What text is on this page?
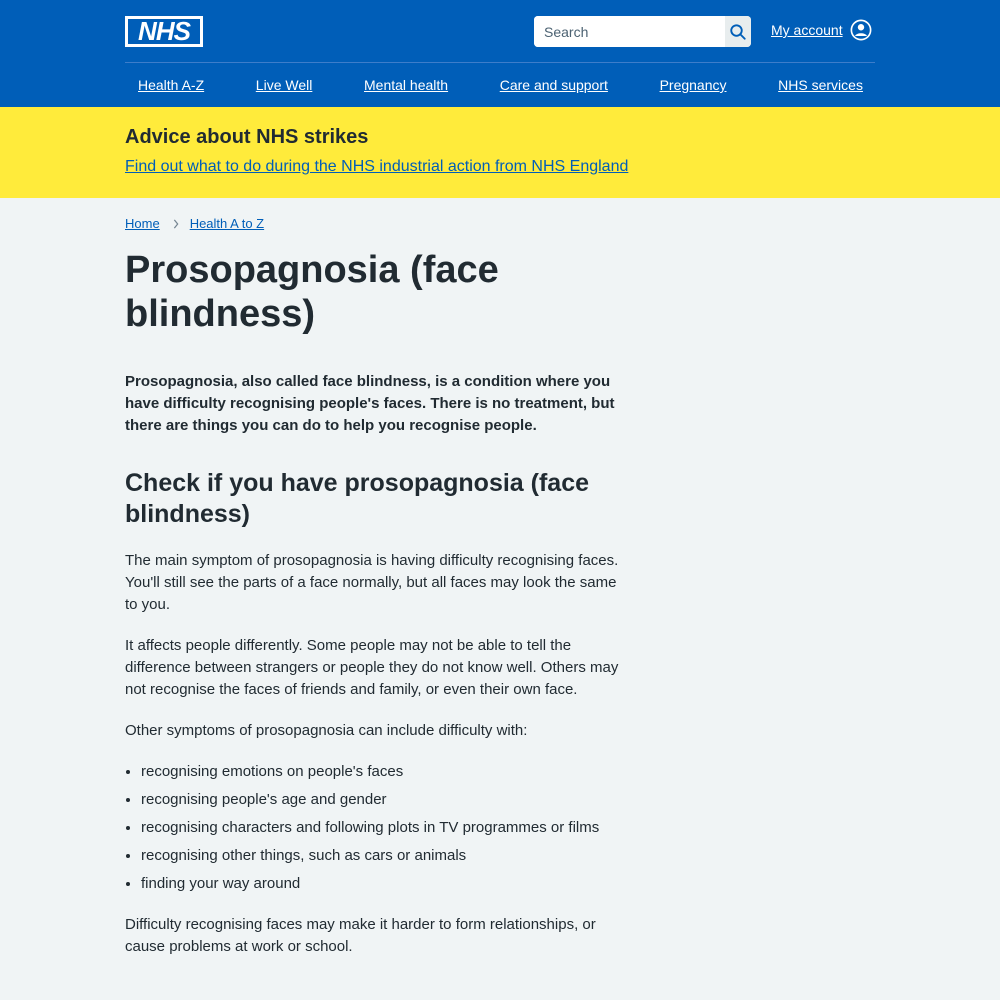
NHS
Search	My account
Health A-Z	Live Well	Mental health	Care and support	Pregnancy	NHS services
Advice about NHS strikes
Find out what to do during the NHS industrial action from NHS England
Home Health A to Z
Prosopagnosia (face blindness)

Prosopagnosia, also called face blindness, is a condition where you have difficulty recognising people's faces. There is no treatment, but there are things you can do to help you recognise people.

Check if you have prosopagnosia (face blindness)

The main symptom of prosopagnosia is having difficulty recognising faces. You'll still see the parts of a face normally, but all faces may look the same to you.

It affects people differently. Some people may not be able to tell the difference between strangers or people they do not know well. Others may not recognise the faces of friends and family, or even their own face.

Other symptoms of prosopagnosia can include difficulty with:

• recognising emotions on people's faces
• recognising people's age and gender
• recognising characters and following plots in TV programmes or films
• recognising other things, such as cars or animals
• finding your way around

Difficulty recognising faces may make it harder to form relationships, or cause problems at work or school.
